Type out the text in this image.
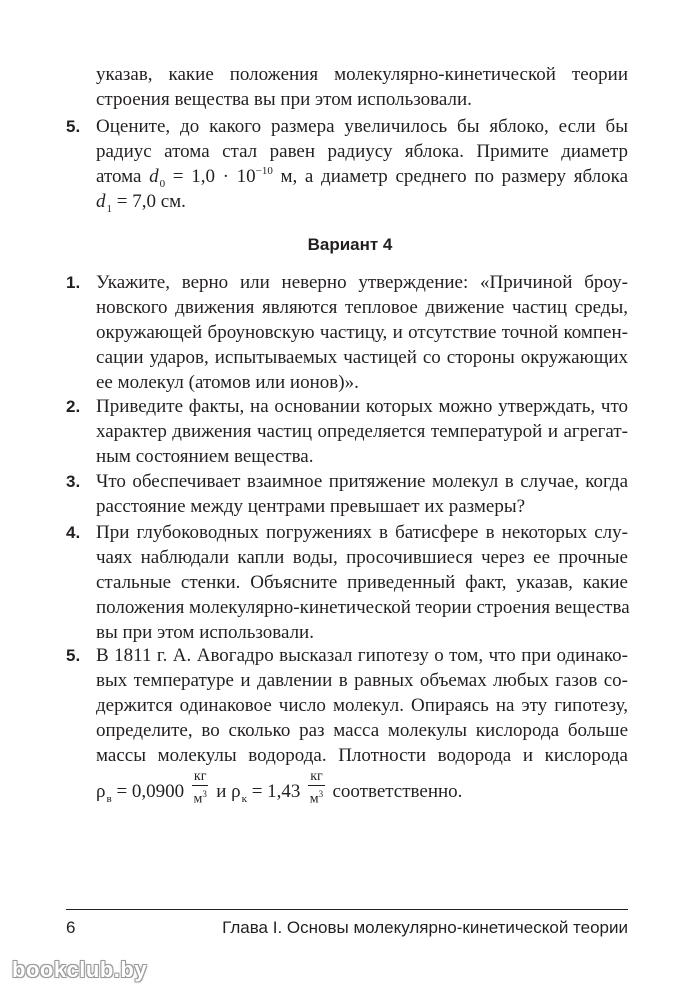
указав, какие положения молекулярно-кинетической теории
строения вещества вы при этом использовали.
5. Оцените, до какого размера увеличилось бы яблоко, если бы
радиус атома стал равен радиусу яблока. Примите диаметр
атома $d_0 = 1,0 \cdot 10^{-10}$ м, а диаметр среднего по размеру яблока
$d_1 = 7,0$ см.
Вариант 4
1. Укажите, верно или неверно утверждение: «Причиной броу-
новского движения являются тепловое движение частиц среды,
окружающей броуновскую частицу, и отсутствие точной компен-
сации ударов, испытываемых частицей со стороны окружающих
ее молекул (атомов или ионов)».
2. Приведите факты, на основании которых можно утверждать, что
характер движения частиц определяется температурой и агрегат-
ным состоянием вещества.
3. Что обеспечивает взаимное притяжение молекул в случае, когда
расстояние между центрами превышает их размеры?
4. При глубоководных погружениях в батисфере в некоторых слу-
чаях наблюдали капли воды, просочившиеся через ее прочные
стальные стенки. Объясните приведенный факт, указав, какие
положения молекулярно-кинетической теории строения вещества
вы при этом использовали.
5. В 1811 г. А. Авогадро высказал гипотезу о том, что при одинако-
вых температуре и давлении в равных объемах любых газов со-
держится одинаковое число молекул. Опираясь на эту гипотезу,
определите, во сколько раз масса молекулы кислорода больше
массы молекулы водорода. Плотности водорода и кислорода
$\rho_в = 0,0900 \frac{кг}{м^3}$ и $\rho_к = 1,43 \frac{кг}{м^3}$ соответственно.
6	Глава I. Основы молекулярно-кинетической теории
bookclub.by
